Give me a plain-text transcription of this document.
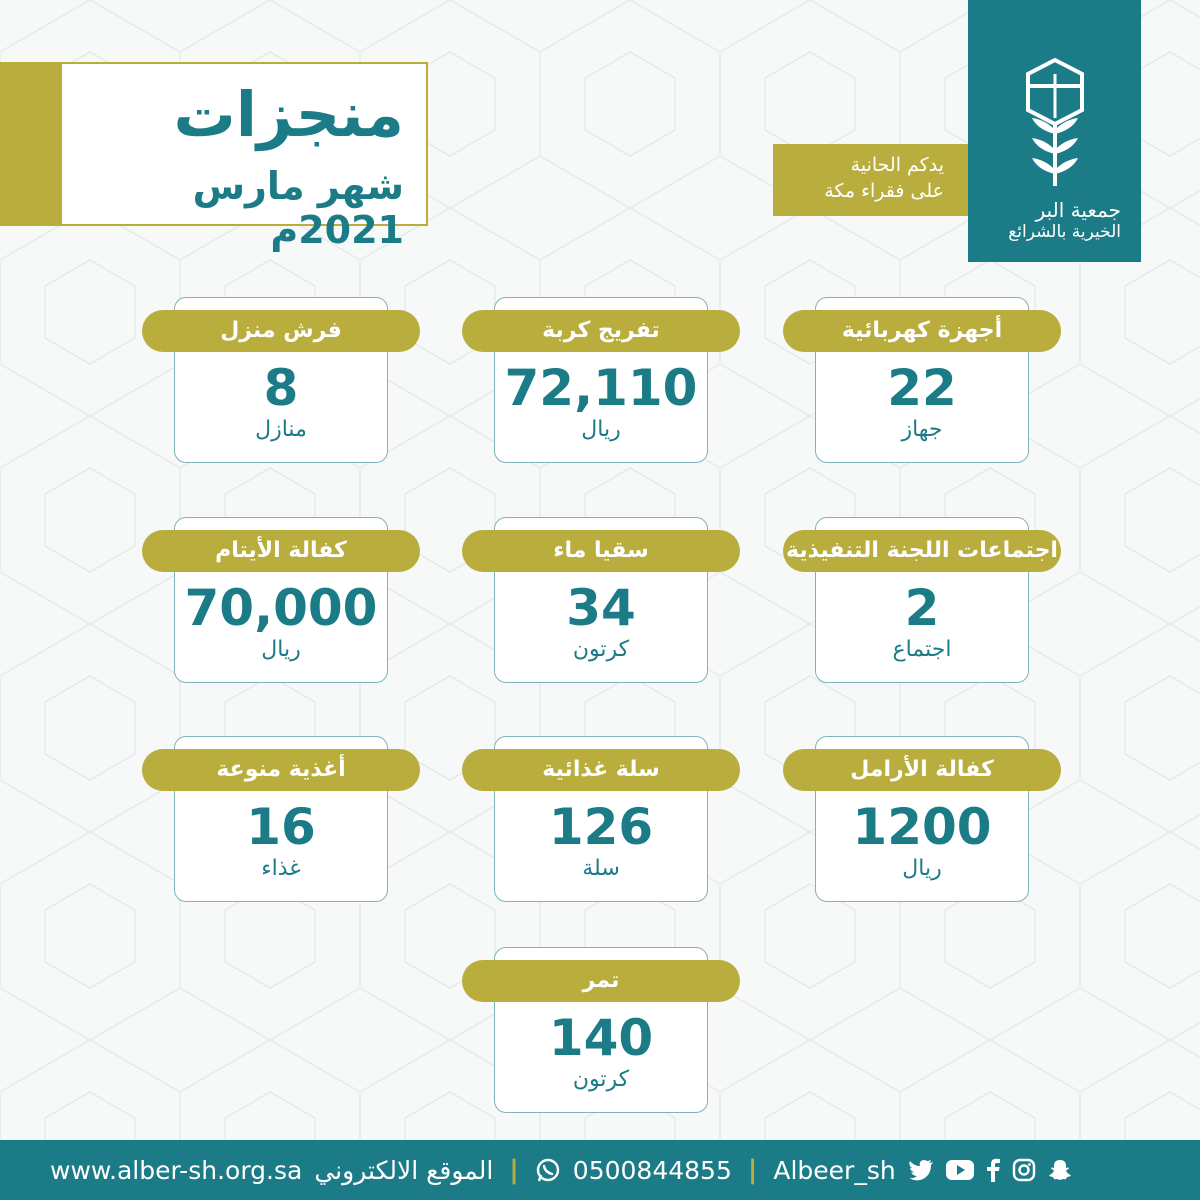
منجزات
شهر مارس 2021م
يدكم الحانية
على فقراء مكة
جمعية البر
الخيرية بالشرائع
أجهزة كهربائية
22
جهاز
تفريج كربة
72,110
ريال
فرش منزل
8
منازل
اجتماعات اللجنة التنفيذية
2
اجتماع
سقيا ماء
34
كرتون
كفالة الأيتام
70,000
ريال
كفالة الأرامل
1200
ريال
سلة غذائية
126
سلة
أغذية منوعة
16
غذاء
تمر
140
كرتون
www.alber-sh.org.sa الموقع الالكتروني | 0500844855 | Albeer_sh
